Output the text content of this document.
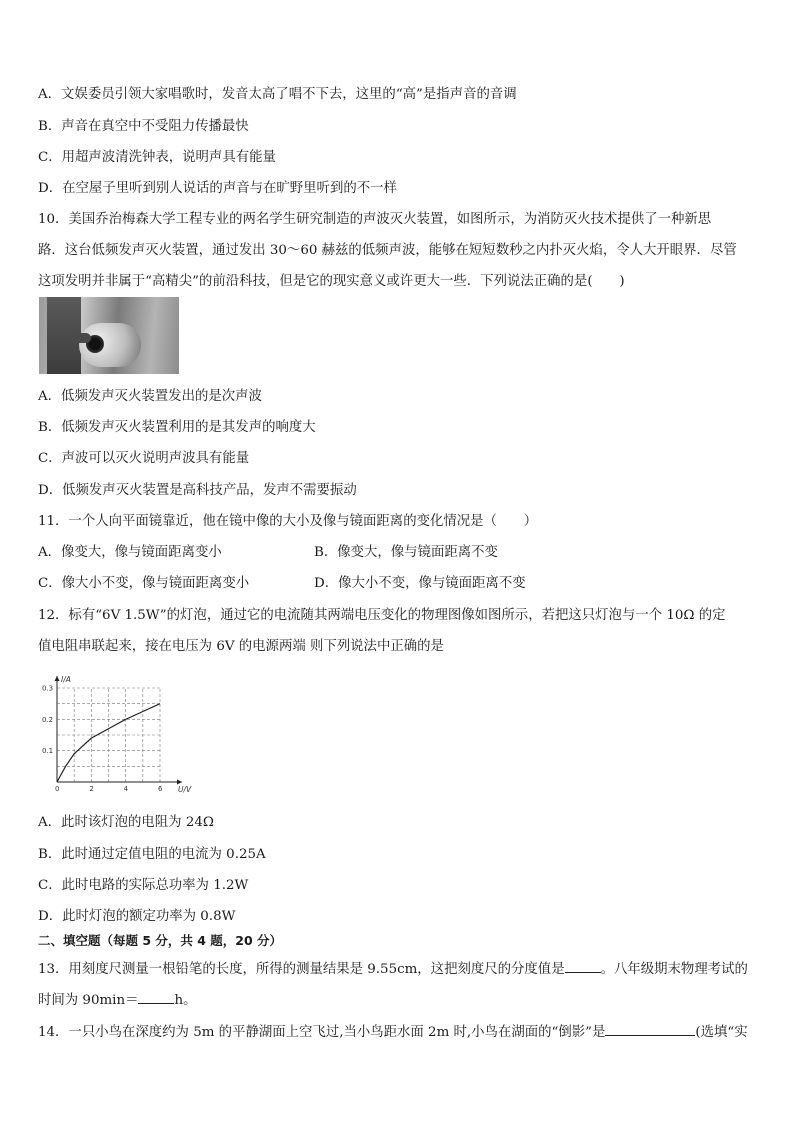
A．文娱委员引领大家唱歌时，发音太高了唱不下去，这里的“高”是指声音的音调
B．声音在真空中不受阻力传播最快
C．用超声波清洗钟表，说明声具有能量
D．在空屋子里听到别人说话的声音与在旷野里听到的不一样
10．美国乔治梅森大学工程专业的两名学生研究制造的声波灭火装置，如图所示，为消防灭火技术提供了一种新思
路．这台低频发声灭火装置，通过发出 30～60 赫兹的低频声波，能够在短短数秒之内扑灭火焰，令人大开眼界．尽管
这项发明并非属于“高精尖”的前沿科技，但是它的现实意义或许更大一些．下列说法正确的是(　　)
A．低频发声灭火装置发出的是次声波
B．低频发声灭火装置利用的是其发声的响度大
C．声波可以灭火说明声波具有能量
D．低频发声灭火装置是高科技产品，发声不需要振动
11．一个人向平面镜靠近，他在镜中像的大小及像与镜面距离的变化情况是（　　）
A．像变大，像与镜面距离变小	B．像变大，像与镜面距离不变
C．像大小不变，像与镜面距离变小	D．像大小不变，像与镜面距离不变
12．标有“6V 1.5W”的灯泡，通过它的电流随其两端电压变化的物理图像如图所示，若把这只灯泡与一个 10Ω 的定
值电阻串联起来，接在电压为 6V 的电源两端 则下列说法中正确的是
0	2	4	6
0.1
0.2
0.3
I/A
U/V
A．此时该灯泡的电阻为 24Ω
B．此时通过定值电阻的电流为 0.25A
C．此时电路的实际总功率为 1.2W
D．此时灯泡的额定功率为 0.8W
二、填空题（每题 5 分，共 4 题，20 分）
13．用刻度尺测量一根铅笔的长度，所得的测量结果是 9.55cm，这把刻度尺的分度值是	。八年级期末物理考试的
时间为 90min＝	h。
14．一只小鸟在深度约为 5m 的平静湖面上空飞过,当小鸟距水面 2m 时,小鸟在湖面的“倒影”是	(选填“实
